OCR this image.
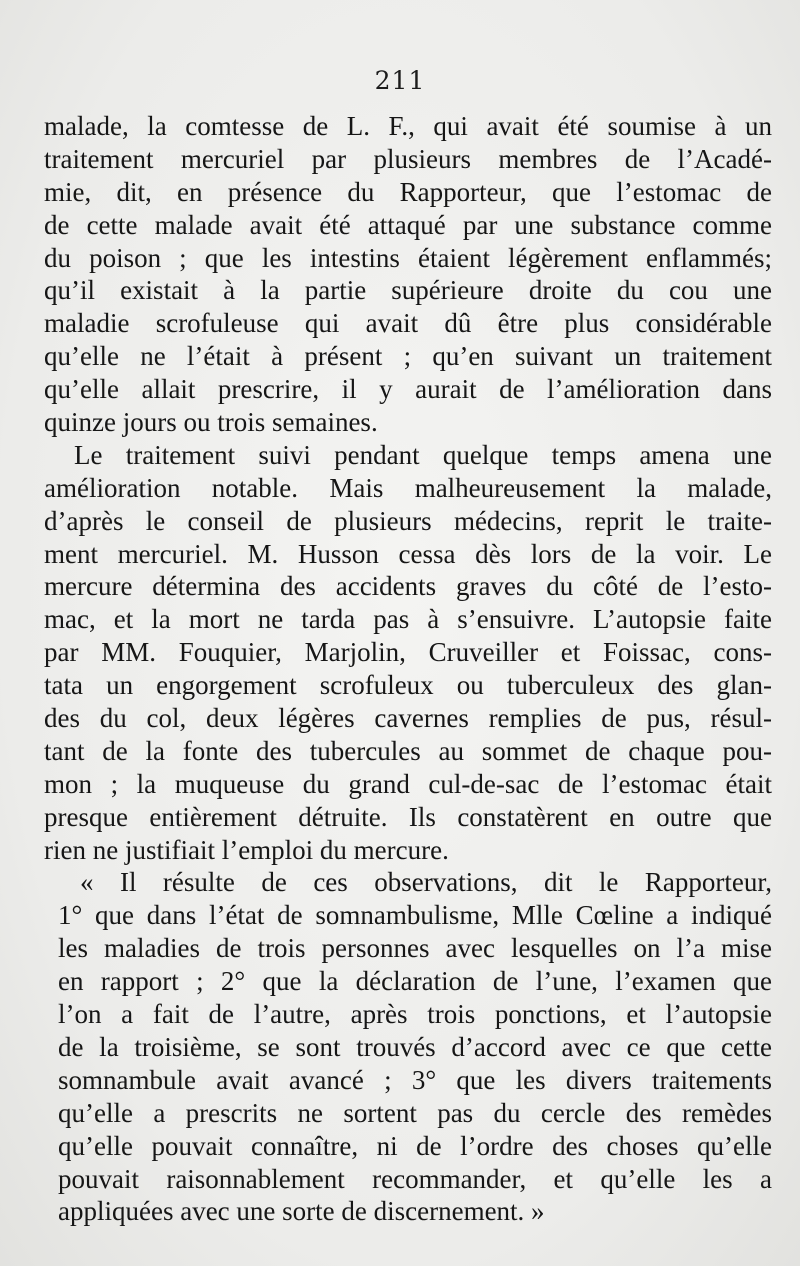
211
malade, la comtesse de L. F., qui avait été soumise à un
traitement mercuriel par plusieurs membres de l’Acadé-
mie, dit, en présence du Rapporteur, que l’estomac de
de cette malade avait été attaqué par une substance comme
du poison ; que les intestins étaient légèrement enflammés;
qu’il existait à la partie supérieure droite du cou une
maladie scrofuleuse qui avait dû être plus considérable
qu’elle ne l’était à présent ; qu’en suivant un traitement
qu’elle allait prescrire, il y aurait de l’amélioration dans
quinze jours ou trois semaines.
Le traitement suivi pendant quelque temps amena une
amélioration notable. Mais malheureusement la malade,
d’après le conseil de plusieurs médecins, reprit le traite-
ment mercuriel. M. Husson cessa dès lors de la voir. Le
mercure détermina des accidents graves du côté de l’esto-
mac, et la mort ne tarda pas à s’ensuivre. L’autopsie faite
par MM. Fouquier, Marjolin, Cruveiller et Foissac, cons-
tata un engorgement scrofuleux ou tuberculeux des glan-
des du col, deux légères cavernes remplies de pus, résul-
tant de la fonte des tubercules au sommet de chaque pou-
mon ; la muqueuse du grand cul-de-sac de l’estomac était
presque entièrement détruite. Ils constatèrent en outre que
rien ne justifiait l’emploi du mercure.
« Il résulte de ces observations, dit le Rapporteur,
1° que dans l’état de somnambulisme, Mlle Cœline a indiqué
les maladies de trois personnes avec lesquelles on l’a mise
en rapport ; 2° que la déclaration de l’une, l’examen que
l’on a fait de l’autre, après trois ponctions, et l’autopsie
de la troisième, se sont trouvés d’accord avec ce que cette
somnambule avait avancé ; 3° que les divers traitements
qu’elle a prescrits ne sortent pas du cercle des remèdes
qu’elle pouvait connaître, ni de l’ordre des choses qu’elle
pouvait raisonnablement recommander, et qu’elle les a
appliquées avec une sorte de discernement. »
